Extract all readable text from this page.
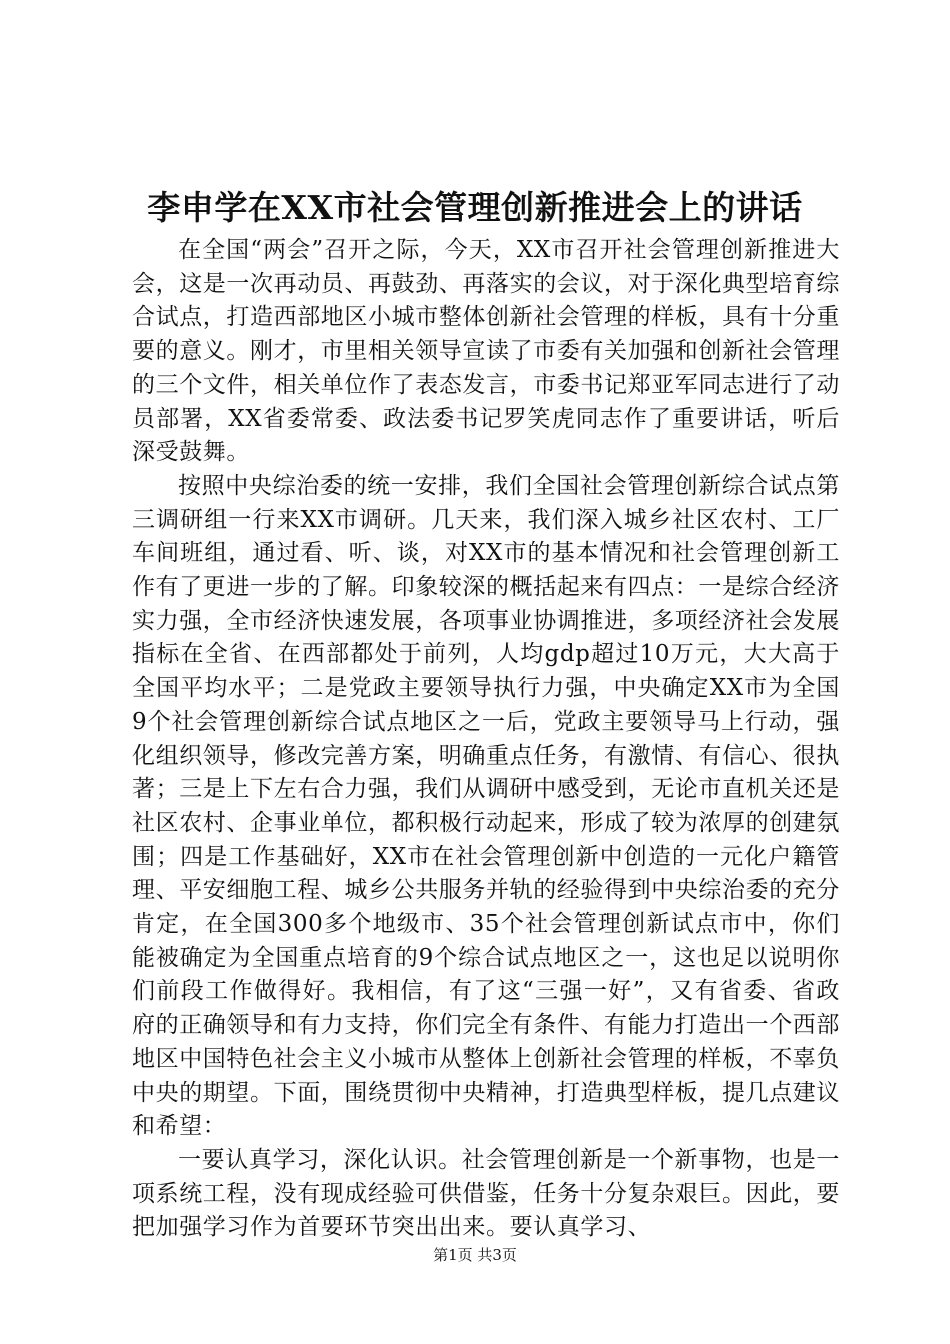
李申学在XX市社会管理创新推进会上的讲话

在全国“两会”召开之际，今天，XX市召开社会管理创新推进大会，这是一次再动员、再鼓劲、再落实的会议，对于深化典型培育综合试点，打造西部地区小城市整体创新社会管理的样板，具有十分重要的意义。刚才，市里相关领导宣读了市委有关加强和创新社会管理的三个文件，相关单位作了表态发言，市委书记郑亚军同志进行了动员部署，XX省委常委、政法委书记罗笑虎同志作了重要讲话，听后深受鼓舞。

按照中央综治委的统一安排，我们全国社会管理创新综合试点第三调研组一行来XX市调研。几天来，我们深入城乡社区农村、工厂车间班组，通过看、听、谈，对XX市的基本情况和社会管理创新工作有了更进一步的了解。印象较深的概括起来有四点：一是综合经济实力强，全市经济快速发展，各项事业协调推进，多项经济社会发展指标在全省、在西部都处于前列，人均gdp超过10万元，大大高于全国平均水平；二是党政主要领导执行力强，中央确定XX市为全国9个社会管理创新综合试点地区之一后，党政主要领导马上行动，强化组织领导，修改完善方案，明确重点任务，有激情、有信心、很执著；三是上下左右合力强，我们从调研中感受到，无论市直机关还是社区农村、企事业单位，都积极行动起来，形成了较为浓厚的创建氛围；四是工作基础好，XX市在社会管理创新中创造的一元化户籍管理、平安细胞工程、城乡公共服务并轨的经验得到中央综治委的充分肯定，在全国300多个地级市、35个社会管理创新试点市中，你们能被确定为全国重点培育的9个综合试点地区之一，这也足以说明你们前段工作做得好。我相信，有了这“三强一好”，又有省委、省政府的正确领导和有力支持，你们完全有条件、有能力打造出一个西部地区中国特色社会主义小城市从整体上创新社会管理的样板，不辜负中央的期望。下面，围绕贯彻中央精神，打造典型样板，提几点建议和希望：

一要认真学习，深化认识。社会管理创新是一个新事物，也是一项系统工程，没有现成经验可供借鉴，任务十分复杂艰巨。因此，要把加强学习作为首要环节突出出来。要认真学习、

第1页 共3页
